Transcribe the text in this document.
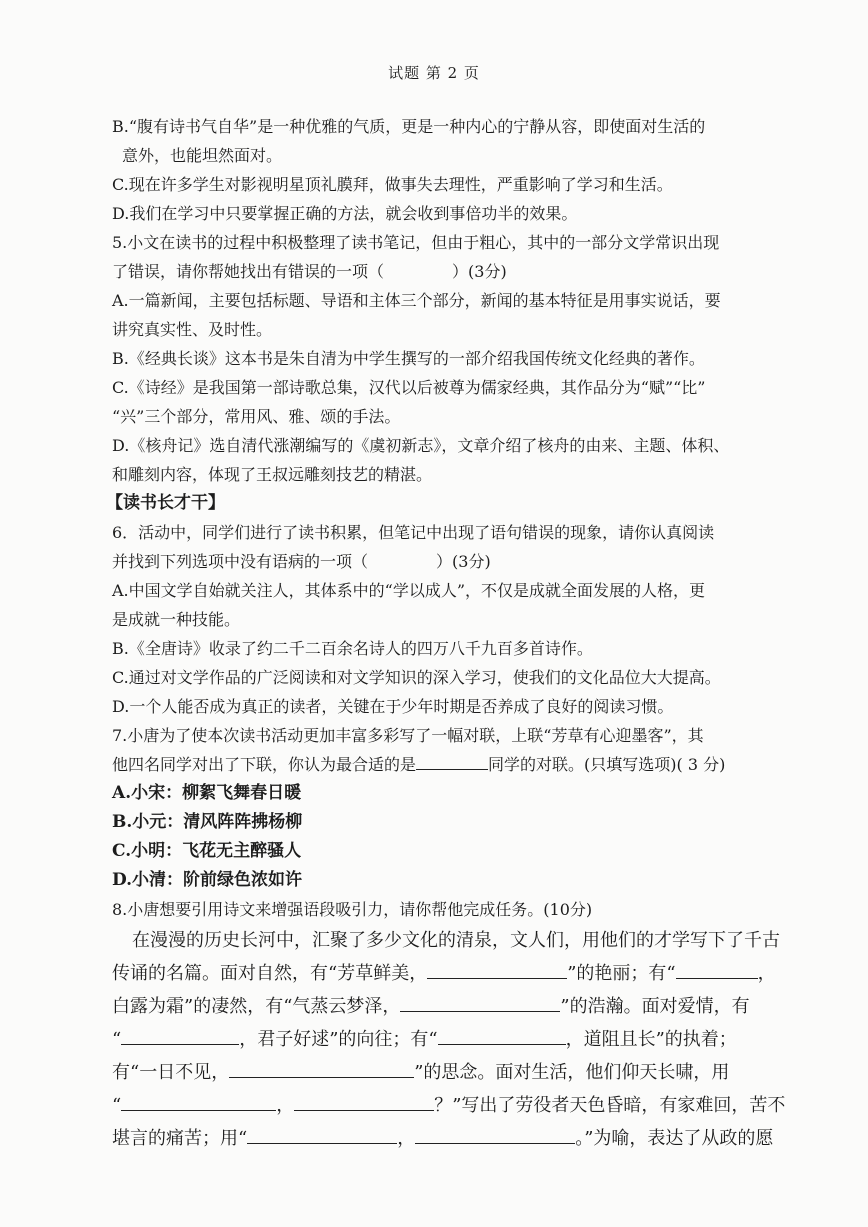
试题 第 2 页
B.“腹有诗书气自华”是一种优雅的气质，更是一种内心的宁静从容，即使面对生活的
意外，也能坦然面对。
C.现在许多学生对影视明星顶礼膜拜，做事失去理性，严重影响了学习和生活。
D.我们在学习中只要掌握正确的方法，就会收到事倍功半的效果。
5.小文在读书的过程中积极整理了读书笔记，但由于粗心，其中的一部分文学常识出现
了错误，请你帮她找出有错误的一项（	）(3分)
A.一篇新闻，主要包括标题、导语和主体三个部分，新闻的基本特征是用事实说话，要
讲究真实性、及时性。
B.《经典长谈》这本书是朱自清为中学生撰写的一部介绍我国传统文化经典的著作。
C.《诗经》是我国第一部诗歌总集，汉代以后被尊为儒家经典，其作品分为“赋”“比”
“兴”三个部分，常用风、雅、颂的手法。
D.《核舟记》选自清代涨潮编写的《虞初新志》，文章介绍了核舟的由来、主题、体积、
和雕刻内容，体现了王叔远雕刻技艺的精湛。
【读书长才干】
6．活动中，同学们进行了读书积累，但笔记中出现了语句错误的现象，请你认真阅读
并找到下列选项中没有语病的一项（	）(3分)
A.中国文学自始就关注人，其体系中的“学以成人”，不仅是成就全面发展的人格，更
是成就一种技能。
B.《全唐诗》收录了约二千二百余名诗人的四万八千九百多首诗作。
C.通过对文学作品的广泛阅读和对文学知识的深入学习，使我们的文化品位大大提高。
D.一个人能否成为真正的读者，关键在于少年时期是否养成了良好的阅读习惯。
7.小唐为了使本次读书活动更加丰富多彩写了一幅对联，上联“芳草有心迎墨客”，其
他四名同学对出了下联，你认为最合适的是	同学的对联。(只填写选项)( 3 分)
A.小宋：柳絮飞舞春日暖
B.小元：清风阵阵拂杨柳
C.小明：飞花无主醉骚人
D.小清：阶前绿色浓如许
8.小唐想要引用诗文来增强语段吸引力，请你帮他完成任务。(10分)
在漫漫的历史长河中，汇聚了多少文化的清泉，文人们，用他们的才学写下了千古
传诵的名篇。面对自然，有“芳草鲜美，	”的艳丽；有“	，
白露为霜”的凄然，有“气蒸云梦泽，	”的浩瀚。面对爱情，有
“	，君子好逑”的向往；有“	，道阻且长”的执着；
有“一日不见，	”的思念。面对生活，他们仰天长啸，用
“	，	？”写出了劳役者天色昏暗，有家难回，苦不
堪言的痛苦；用“	，	。”为喻，表达了从政的愿
